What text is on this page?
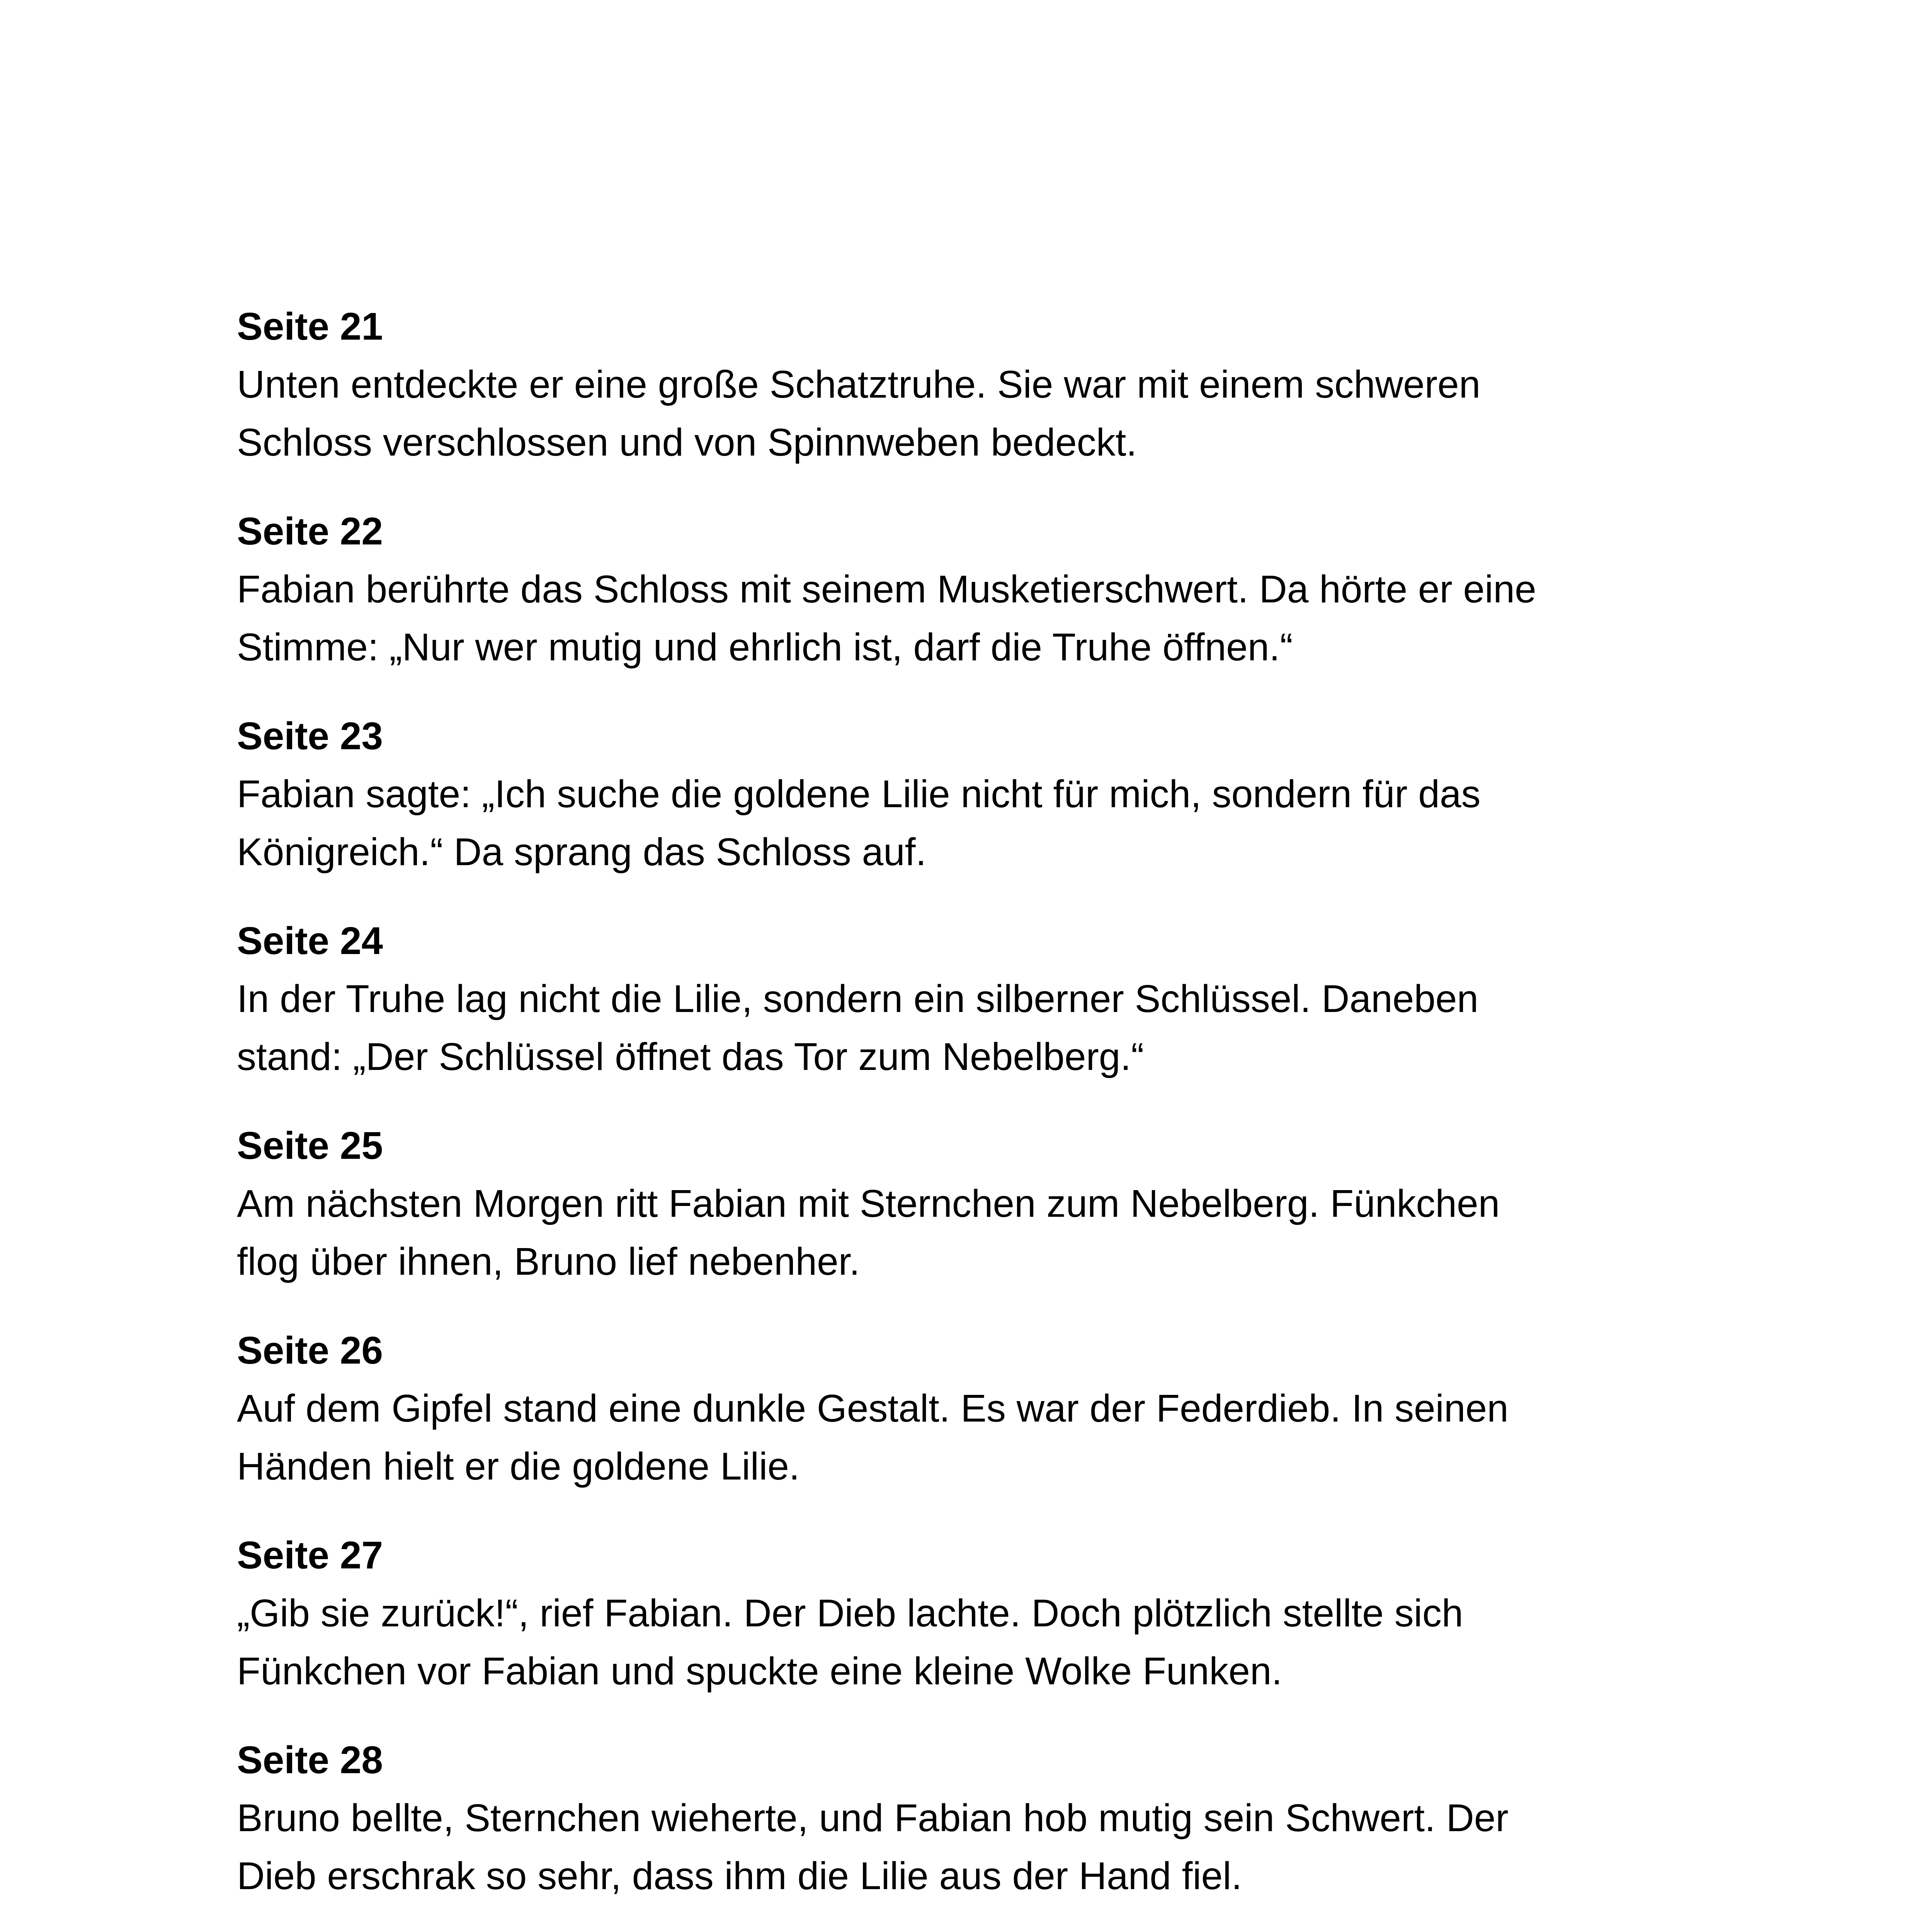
Seite 21

Unten entdeckte er eine große Schatztruhe. Sie war mit einem schweren

Schloss verschlossen und von Spinnweben bedeckt.

Seite 22

Fabian berührte das Schloss mit seinem Musketierschwert. Da hörte er eine

Stimme: „Nur wer mutig und ehrlich ist, darf die Truhe öffnen.“

Seite 23

Fabian sagte: „Ich suche die goldene Lilie nicht für mich, sondern für das

Königreich.“ Da sprang das Schloss auf.

Seite 24

In der Truhe lag nicht die Lilie, sondern ein silberner Schlüssel. Daneben

stand: „Der Schlüssel öffnet das Tor zum Nebelberg.“

Seite 25

Am nächsten Morgen ritt Fabian mit Sternchen zum Nebelberg. Fünkchen

flog über ihnen, Bruno lief nebenher.

Seite 26

Auf dem Gipfel stand eine dunkle Gestalt. Es war der Federdieb. In seinen

Händen hielt er die goldene Lilie.

Seite 27

„Gib sie zurück!“, rief Fabian. Der Dieb lachte. Doch plötzlich stellte sich

Fünkchen vor Fabian und spuckte eine kleine Wolke Funken.

Seite 28

Bruno bellte, Sternchen wieherte, und Fabian hob mutig sein Schwert. Der

Dieb erschrak so sehr, dass ihm die Lilie aus der Hand fiel.
